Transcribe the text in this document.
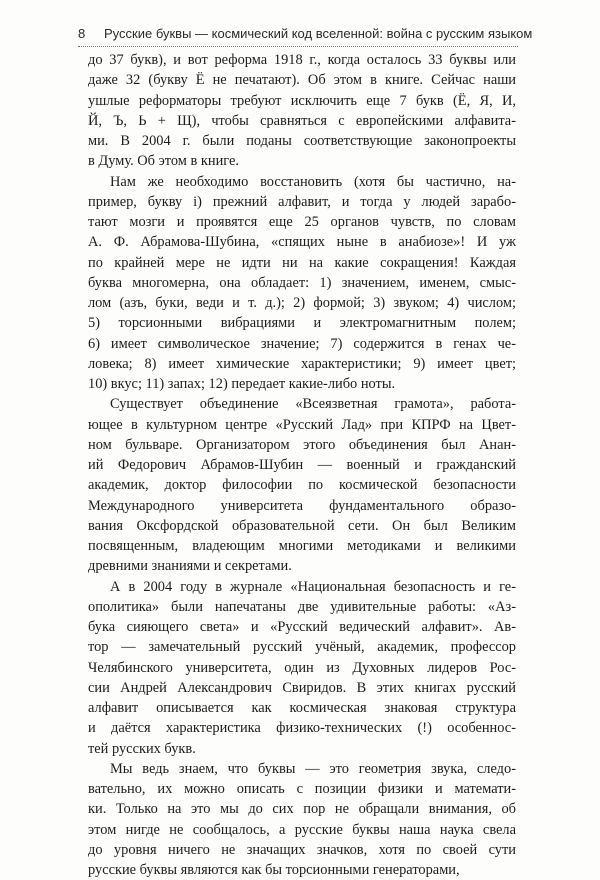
8 Русские буквы — космический код вселенной: война с русским языком
до 37 букв), и вот реформа 1918 г., когда осталось 33 буквы или
даже 32 (букву Ё не печатают). Об этом в книге. Сейчас наши
ушлые реформаторы требуют исключить еще 7 букв (Ё, Я, И,
Й, Ъ, Ь + Щ), чтобы сравняться с европейскими алфавита-
ми. В 2004 г. были поданы соответствующие законопроекты
в Думу. Об этом в книге.
Нам же необходимо восстановить (хотя бы частично, на-
пример, букву i) прежний алфавит, и тогда у людей зарабо-
тают мозги и проявятся еще 25 органов чувств, по словам
А. Ф. Абрамова-Шубина, «спящих ныне в анабиозе»! И уж
по крайней мере не идти ни на какие сокращения! Каждая
буква многомерна, она обладает: 1) значением, именем, смыс-
лом (азъ, буки, веди и т. д.); 2) формой; 3) звуком; 4) числом;
5) торсионными вибрациями и электромагнитным полем;
6) имеет символическое значение; 7) содержится в генах че-
ловека; 8) имеет химические характеристики; 9) имеет цвет;
10) вкус; 11) запах; 12) передает какие-либо ноты.
Существует объединение «Всеязветная грамота», работа-
ющее в культурном центре «Русский Лад» при КПРФ на Цвет-
ном бульваре. Организатором этого объединения был Анан-
ий Федорович Абрамов-Шубин — военный и гражданский
академик, доктор философии по космической безопасности
Международного университета фундаментального образо-
вания Оксфордской образовательной сети. Он был Великим
посвященным, владеющим многими методиками и великими
древними знаниями и секретами.
А в 2004 году в журнале «Национальная безопасность и ге-
ополитика» были напечатаны две удивительные работы: «Аз-
бука сияющего света» и «Русский ведический алфавит». Ав-
тор — замечательный русский учёный, академик, профессор
Челябинского университета, один из Духовных лидеров Рос-
сии Андрей Александрович Свиридов. В этих книгах русский
алфавит описывается как космическая знаковая структура
и даётся характеристика физико-технических (!) особеннос-
тей русских букв.
Мы ведь знаем, что буквы — это геометрия звука, следо-
вательно, их можно описать с позиции физики и математи-
ки. Только на это мы до сих пор не обращали внимания, об
этом нигде не сообщалось, а русские буквы наша наука свела
до уровня ничего не значащих значков, хотя по своей сути
русские буквы являются как бы торсионными генераторами,
